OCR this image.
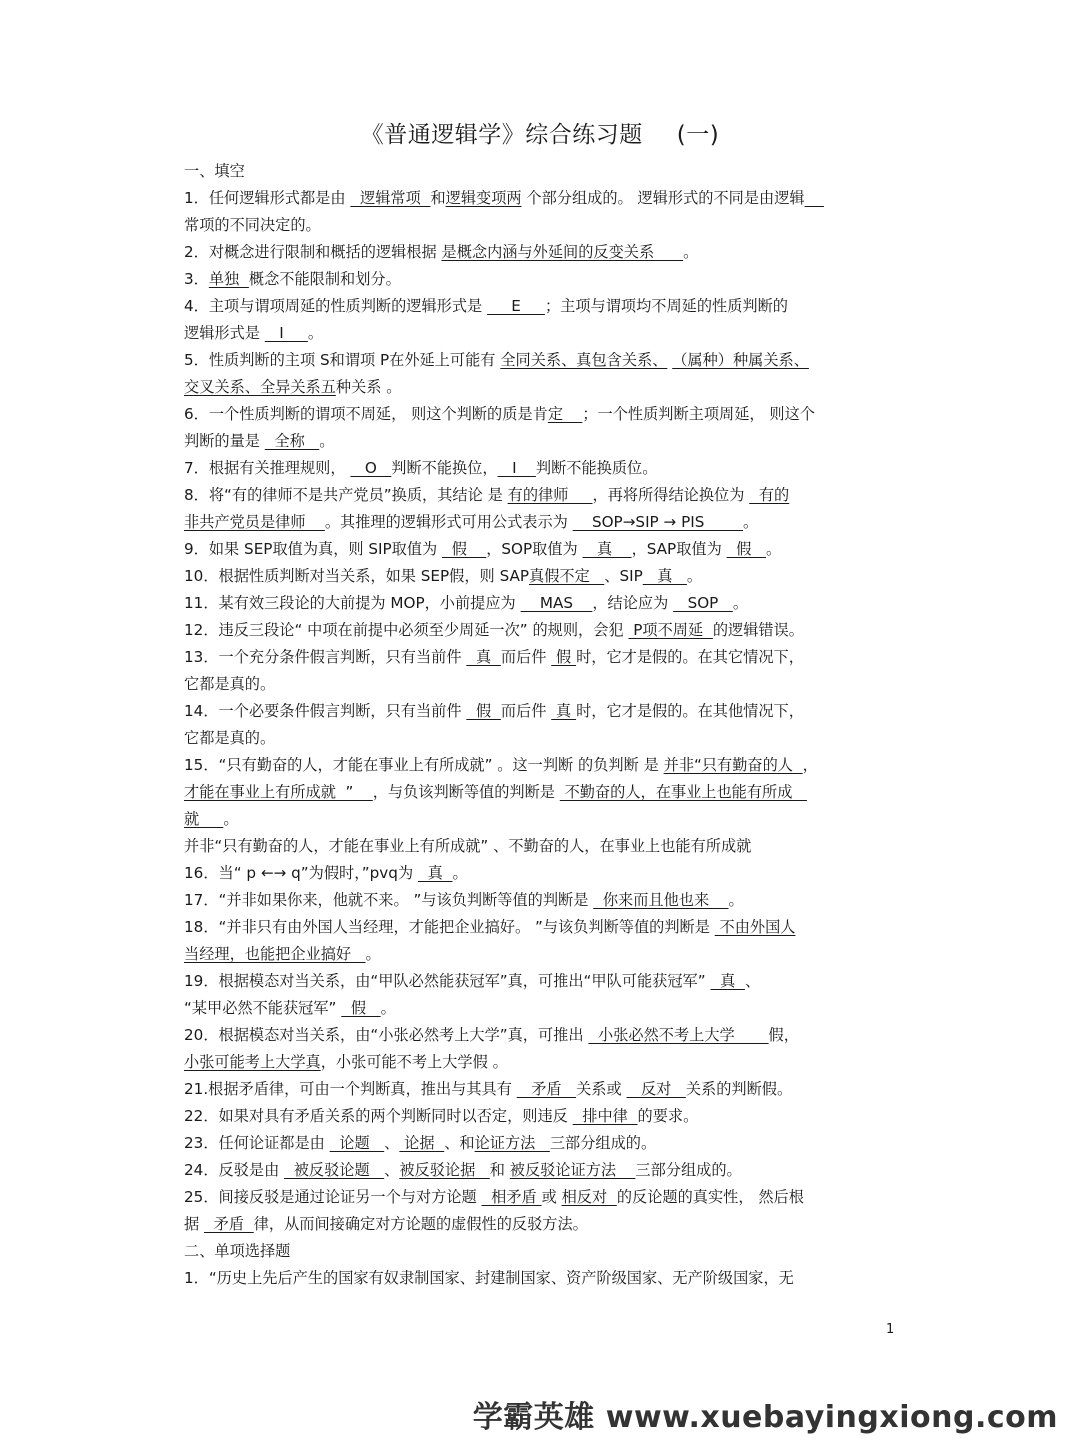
《普通逻辑学》综合练习题 (一)

一、填空

1．任何逻辑形式都是由   逻辑常项  和逻辑变项两 个部分组成的。 逻辑形式的不同是由逻辑

常项的不同决定的。

2．对概念进行限制和概括的逻辑根据 是概念内涵与外延间的反变关系      。

3．单独  概念不能限制和划分。

4．主项与谓项周延的性质判断的逻辑形式是      E     ；主项与谓项均不周延的性质判断的

逻辑形式是    I     。

5．性质判断的主项 S和谓项 P在外延上可能有 全同关系、真包含关系、 （属种）种属关系、

交叉关系、全异关系五种关系 。

6．一个性质判断的谓项不周延， 则这个判断的质是肯定    ；一个性质判断主项周延， 则这个

判断的量是   全称   。

7．根据有关推理规则，    O   判断不能换位，   I    判断不能换质位。

8．将“有的律师不是共产党员”换质，其结论 是 有的律师     ，再将所得结论换位为   有的

非共产党员是律师    。其推理的逻辑形式可用公式表示为     SOP→SIP → PIS        。

9．如果 SEP取值为真，则 SIP取值为   假    ，SOP取值为    真    ，SAP取值为   假   。

10．根据性质判断对当关系，如果 SEP假，则 SAP真假不定   、SIP   真   。

11．某有效三段论的大前提为 MOP，小前提应为     MAS    ，结论应为    SOP   。

12．违反三段论“ 中项在前提中必须至少周延一次” 的规则，会犯  P项不周延  的逻辑错误。

13．一个充分条件假言判断，只有当前件   真  而后件  假 时，它才是假的。在其它情况下，

它都是真的。

14．一个必要条件假言判断，只有当前件   假  而后件  真 时，它才是假的。在其他情况下，

它都是真的。

15．“只有勤奋的人，才能在事业上有所成就” 。这一判断 的负判断 是 并非“只有勤奋的人  ，

才能在事业上有所成就  ”    ，与负该判断等值的判断是  不勤奋的人，在事业上也能有所成

就     。

并非“只有勤奋的人，才能在事业上有所成就” 、不勤奋的人，在事业上也能有所成就

16．当“ p ←→ q”为假时，”pvq为   真  。

17．“并非如果你来，他就不来。 ”与该负判断等值的判断是   你来而且他也来    。

18．“并非只有由外国人当经理，才能把企业搞好。 ”与该负判断等值的判断是  不由外国人

当经理，也能把企业搞好   。

19．根据模态对当关系，由“甲队必然能获冠军”真，可推出“甲队可能获冠军”   真  、

“某甲必然不能获冠军”   假   。

20．根据模态对当关系，由“小张必然考上大学”真，可推出   小张必然不考上大学       假，

小张可能考上大学真，小张可能不考上大学假 。

21.根据矛盾律，可由一个判断真，推出与其具有    矛盾   关系或    反对   关系的判断假。

22．如果对具有矛盾关系的两个判断同时以否定，则违反   排中律  的要求。

23．任何论证都是由   论题   、 论据  、和论证方法   三部分组成的。

24．反驳是由   被反驳论题   、被反驳论据   和 被反驳论证方法    三部分组成的。

25．间接反驳是通过论证另一个与对方论题   相矛盾 或 相反对  的反论题的真实性， 然后根

据   矛盾  律，从而间接确定对方论题的虚假性的反驳方法。

二、单项选择题

1．“历史上先后产生的国家有奴隶制国家、封建制国家、资产阶级国家、无产阶级国家，无

1
学霸英雄 www.xuebayingxiong.com
